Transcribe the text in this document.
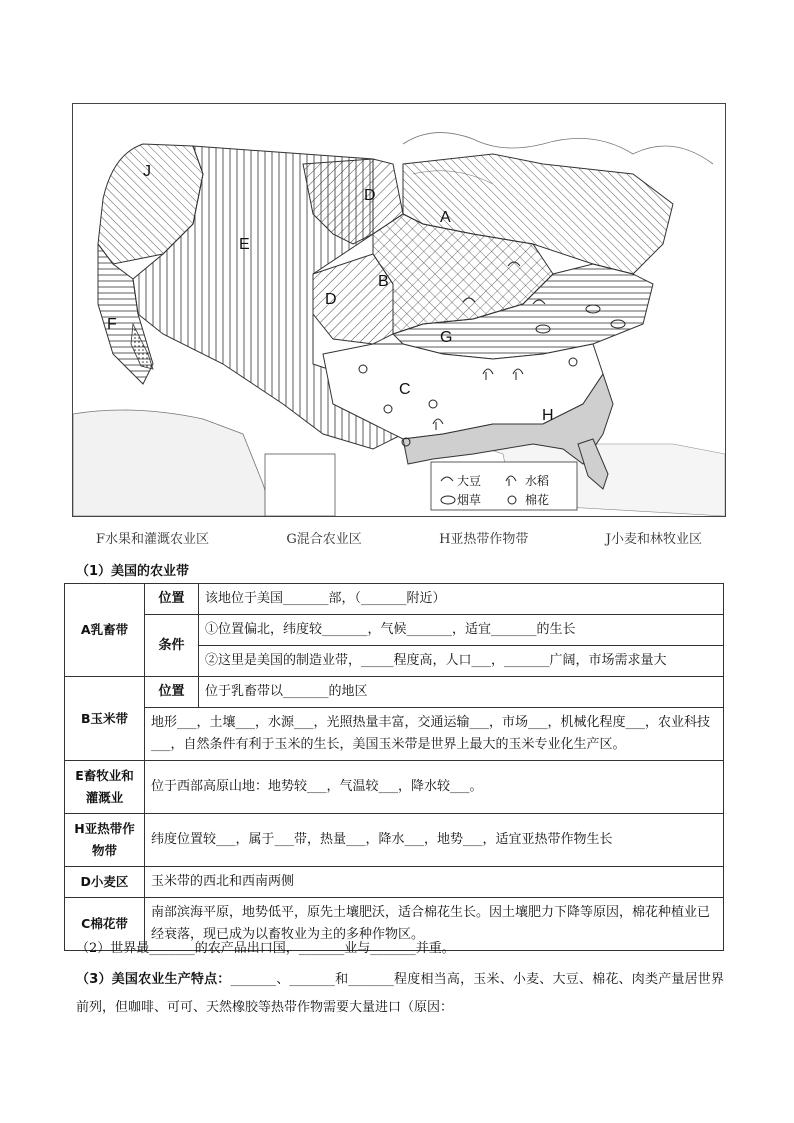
J
E
D
A
B
D
F
G
C
H
大豆	水稻
烟草	棉花
F水果和灌溉农业区	G混合农业区	H亚热带作物带	J小麦和林牧业区
（1）美国的农业带
A乳畜带	位置	该地位于美国_______部，（_______附近）
	条件	①位置偏北，纬度较_______，气候_______，适宜_______的生长
		②这里是美国的制造业带，_____程度高，人口___，_______广阔，市场需求量大
B玉米带	位置	位于乳畜带以_______的地区
	地形___，土壤___，水源___，光照热量丰富，交通运输___，市场___，机械化程度___，农业科技___，自然条件有利于玉米的生长，美国玉米带是世界上最大的玉米专业化生产区。	
E畜牧业和灌溉业	位于西部高原山地：地势较___，气温较___，降水较___。	
H亚热带作物带	纬度位置较___，属于___带，热量___，降水___，地势___，适宜亚热带作物生长	
D小麦区	玉米带的西北和西南两侧	
C棉花带	南部滨海平原，地势低平，原先土壤肥沃，适合棉花生长。因土壤肥力下降等原因，棉花种植业已经衰落，现已成为以畜牧业为主的多种作物区。	
（2）世界最_______的农产品出口国，_______业与_______并重。
（3）美国农业生产特点：_______、_______和_______程度相当高，玉米、小麦、大豆、棉花、肉类产量居世界前列，但咖啡、可可、天然橡胶等热带作物需要大量进口（原因：
